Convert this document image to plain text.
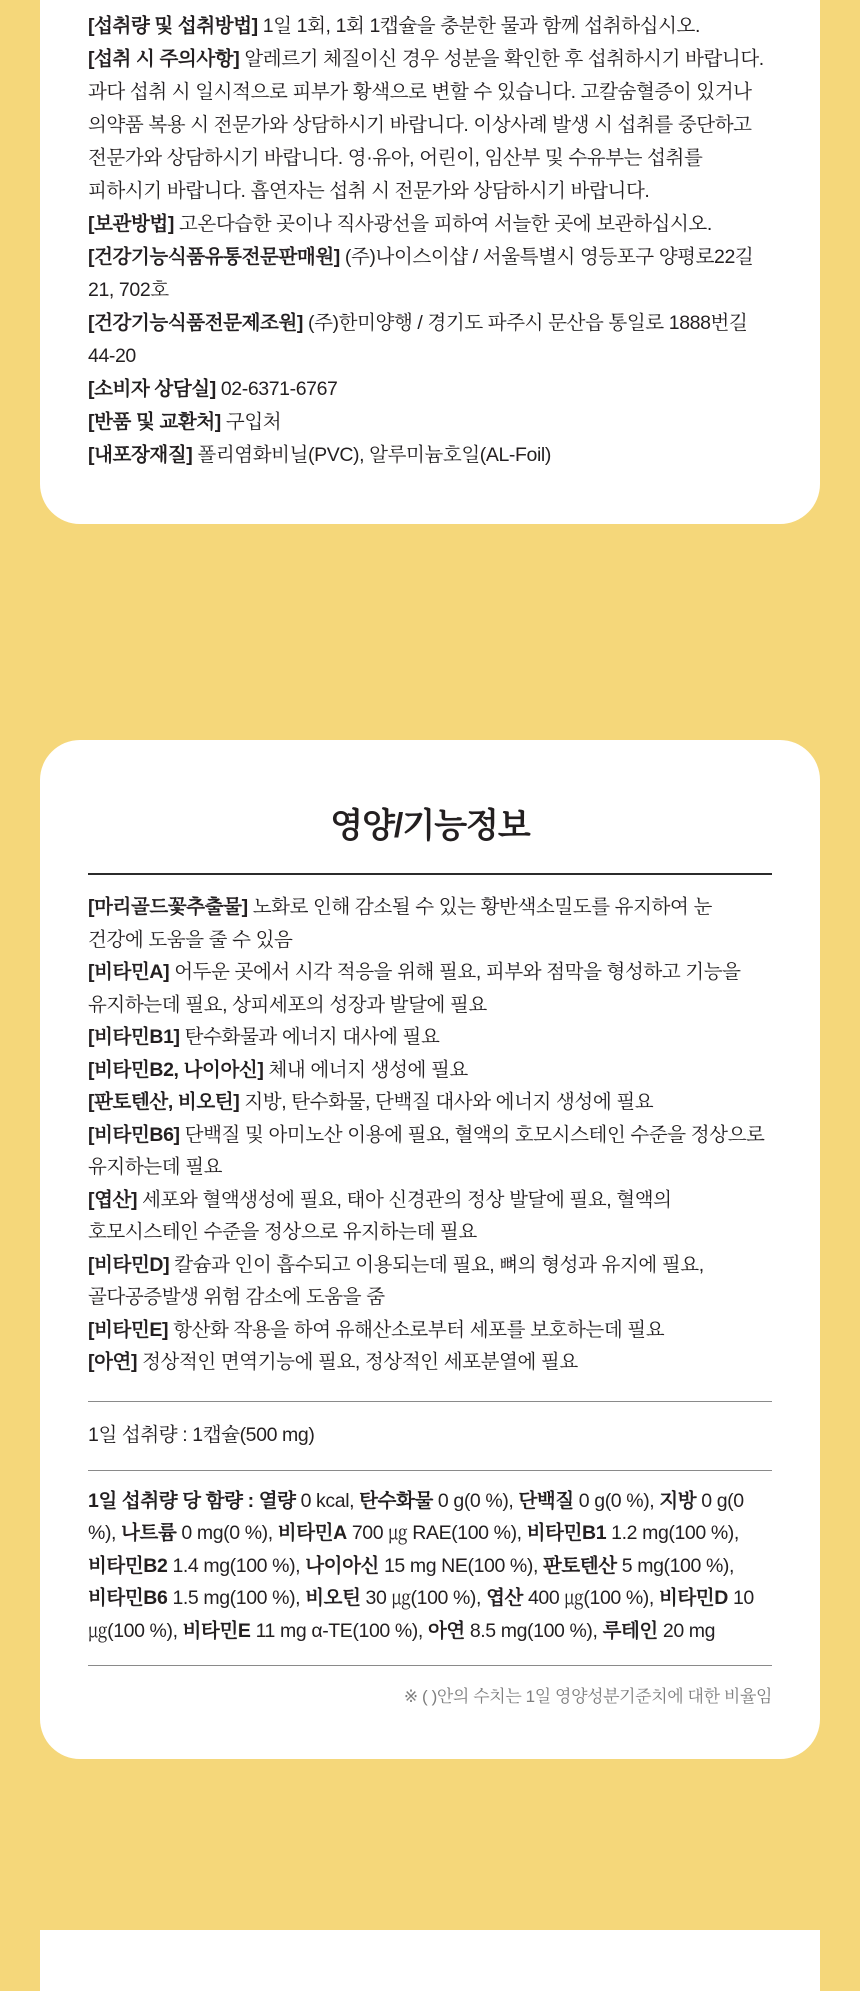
[섭취량 및 섭취방법] 1일 1회, 1회 1캡슐을 충분한 물과 함께 섭취하십시오.
[섭취 시 주의사항] 알레르기 체질이신 경우 성분을 확인한 후 섭취하시기 바랍니다. 과다 섭취 시 일시적으로 피부가 황색으로 변할 수 있습니다. 고칼숨혈증이 있거나 의약품 복용 시 전문가와 상담하시기 바랍니다. 이상사례 발생 시 섭취를 중단하고 전문가와 상담하시기 바랍니다. 영·유아, 어린이, 임산부 및 수유부는 섭취를 피하시기 바랍니다. 흡연자는 섭취 시 전문가와 상담하시기 바랍니다.
[보관방법] 고온다습한 곳이나 직사광선을 피하여 서늘한 곳에 보관하십시오.
[건강기능식품유통전문판매원] (주)나이스이샵 / 서울특별시 영등포구 양평로22길 21, 702호
[건강기능식품전문제조원] (주)한미양행 / 경기도 파주시 문산읍 통일로 1888번길 44-20
[소비자 상담실] 02-6371-6767
[반품 및 교환처] 구입처
[내포장재질] 폴리염화비닐(PVC), 알루미늄호일(AL-Foil)
영양/기능정보
[마리골드꽃추출물] 노화로 인해 감소될 수 있는 황반색소밀도를 유지하여 눈 건강에 도움을 줄 수 있음
[비타민A] 어두운 곳에서 시각 적응을 위해 필요, 피부와 점막을 형성하고 기능을 유지하는데 필요, 상피세포의 성장과 발달에 필요
[비타민B1] 탄수화물과 에너지 대사에 필요
[비타민B2, 나이아신] 체내 에너지 생성에 필요
[판토텐산, 비오틴] 지방, 탄수화물, 단백질 대사와 에너지 생성에 필요
[비타민B6] 단백질 및 아미노산 이용에 필요, 혈액의 호모시스테인 수준을 정상으로 유지하는데 필요
[엽산] 세포와 혈액생성에 필요, 태아 신경관의 정상 발달에 필요, 혈액의 호모시스테인 수준을 정상으로 유지하는데 필요
[비타민D] 칼슘과 인이 흡수되고 이용되는데 필요, 뼈의 형성과 유지에 필요, 골다공증발생 위험 감소에 도움을 줌
[비타민E] 항산화 작용을 하여 유해산소로부터 세포를 보호하는데 필요
[아연] 정상적인 면역기능에 필요, 정상적인 세포분열에 필요
1일 섭취량 : 1캡슐(500 mg)
1일 섭취량 당 함량 : 열량 0 kcal, 탄수화물 0 g(0 %), 단백질 0 g(0 %), 지방 0 g(0 %), 나트륨 0 mg(0 %), 비타민A 700 ㎍ RAE(100 %), 비타민B1 1.2 mg(100 %), 비타민B2 1.4 mg(100 %), 나이아신 15 mg NE(100 %), 판토텐산 5 mg(100 %), 비타민B6 1.5 mg(100 %), 비오틴 30 ㎍(100 %), 엽산 400 ㎍(100 %), 비타민D 10 ㎍(100 %), 비타민E 11 mg α-TE(100 %), 아연 8.5 mg(100 %), 루테인 20 mg
※ ( )안의 수치는 1일 영양성분기준치에 대한 비율임
